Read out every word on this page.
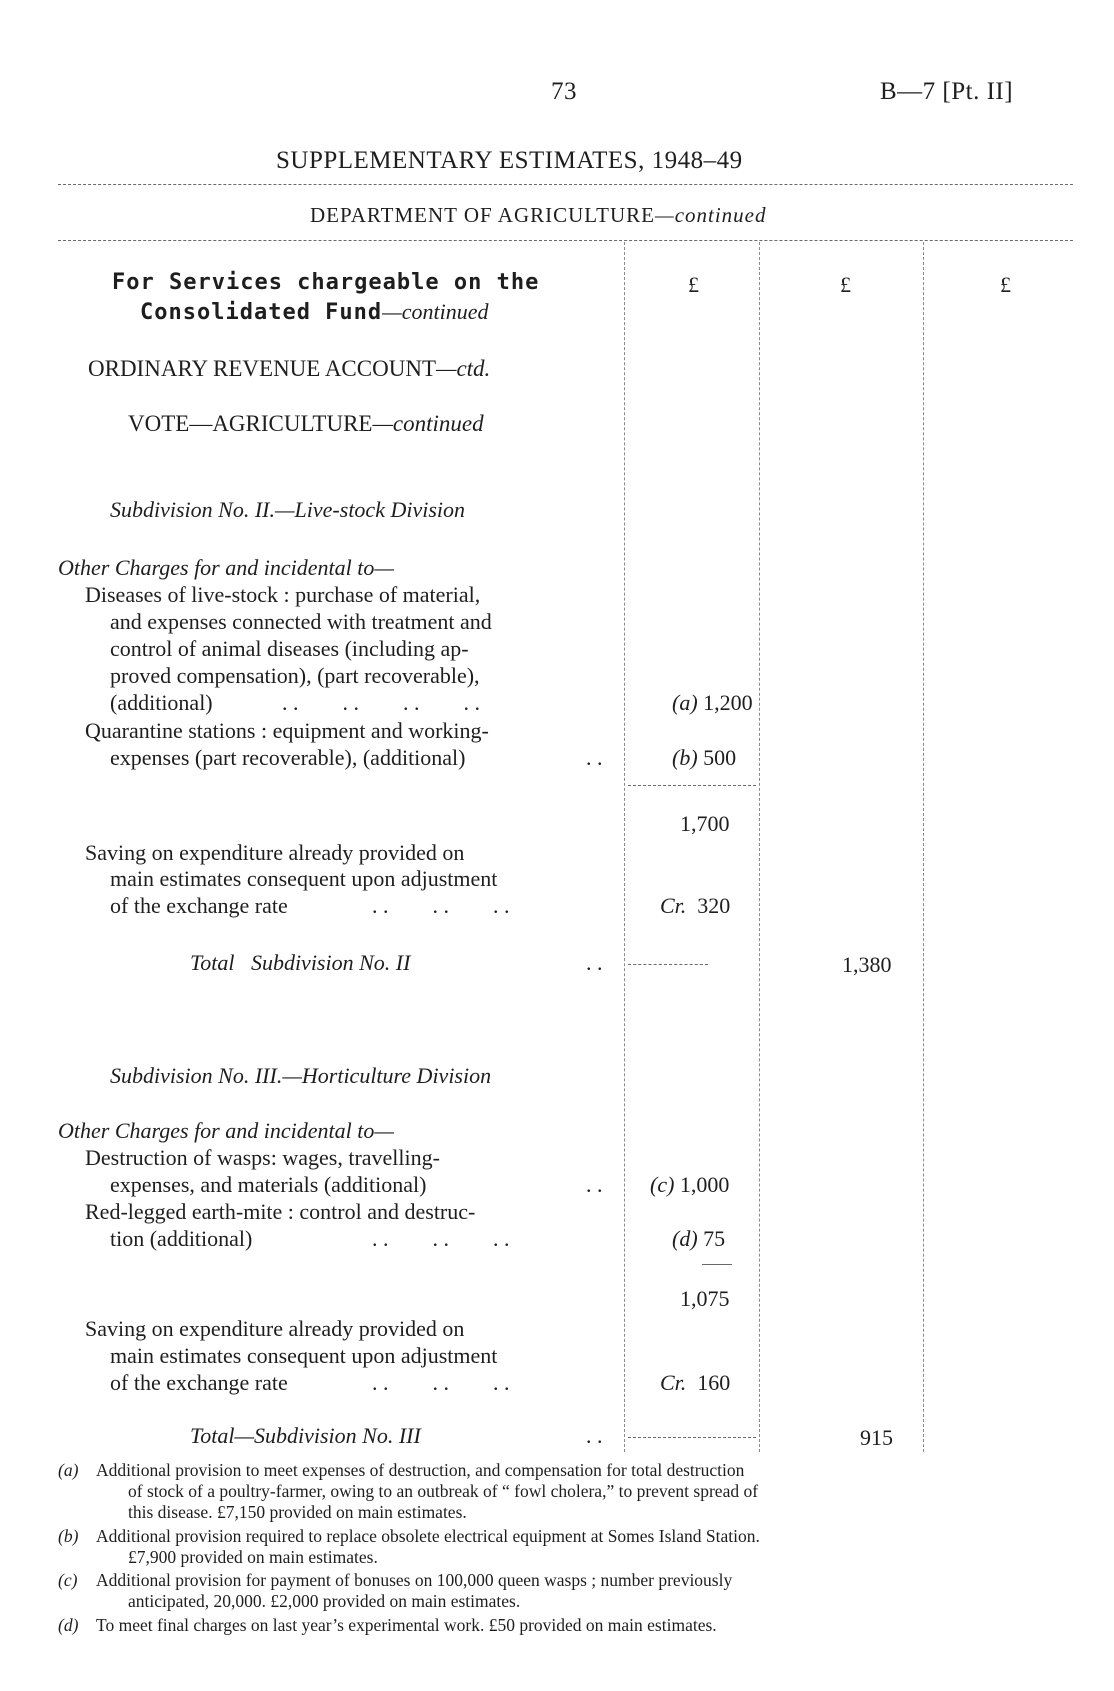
73	B—7 [Pt. II]
SUPPLEMENTARY ESTIMATES, 1948–49
DEPARTMENT OF AGRICULTURE—continued
£	£	£
For Services chargeable on the
Consolidated Fund—continued
ORDINARY REVENUE ACCOUNT—ctd.
VOTE—AGRICULTURE—continued
Subdivision No. II.—Live-stock Division
Other Charges for and incidental to—
Diseases of live-stock : purchase of material,
and expenses connected with treatment and
control of animal diseases (including ap-
proved compensation), (part recoverable),
(additional)	. .        . .        . .        . .	(a) 1,200
Quarantine stations : equipment and working-
expenses (part recoverable), (additional)	. .	(b) 500
1,700
Saving on expenditure already provided on
main estimates consequent upon adjustment
of the exchange rate	. .        . .        . .	Cr. 320
Total   Subdivision No. II	. .	1,380
Subdivision No. III.—Horticulture Division
Other Charges for and incidental to—
Destruction of wasps: wages, travelling-
expenses, and materials (additional)	. . (c) 1,000
Red-legged earth-mite : control and destruc-
tion (additional)	. .        . .        . .	(d) 75
1,075
Saving on expenditure already provided on
main estimates consequent upon adjustment
of the exchange rate	. .        . .        . .	Cr. 160
Total—Subdivision No. III	. .	915
(a) Additional provision to meet expenses of destruction, and compensation for total destruction
of stock of a poultry-farmer, owing to an outbreak of “ fowl cholera,” to prevent spread of
this disease. £7,150 provided on main estimates.
(b) Additional provision required to replace obsolete electrical equipment at Somes Island Station.
£7,900 provided on main estimates.
(c) Additional provision for payment of bonuses on 100,000 queen wasps ; number previously
anticipated, 20,000. £2,000 provided on main estimates.
(d) To meet final charges on last year’s experimental work. £50 provided on main estimates.
